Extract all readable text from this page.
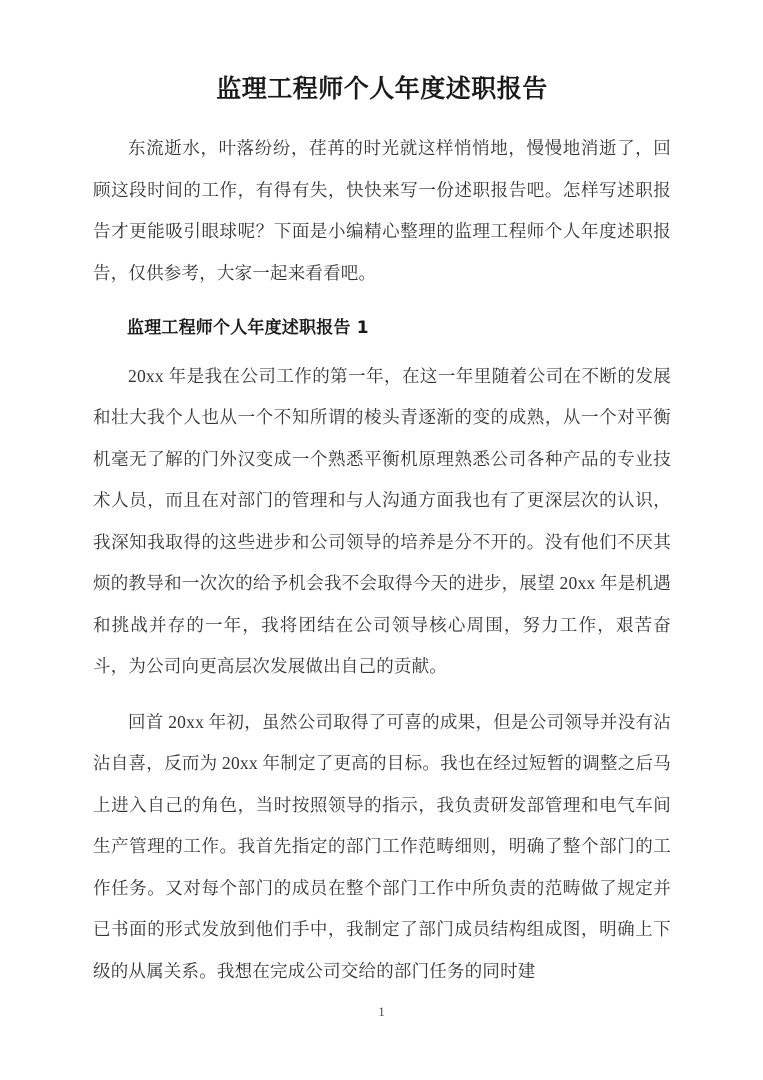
监理工程师个人年度述职报告

东流逝水，叶落纷纷，荏苒的时光就这样悄悄地，慢慢地消逝了，回顾这段时间的工作，有得有失，快快来写一份述职报告吧。怎样写述职报告才更能吸引眼球呢？下面是小编精心整理的监理工程师个人年度述职报告，仅供参考，大家一起来看看吧。

监理工程师个人年度述职报告 1

20xx 年是我在公司工作的第一年，在这一年里随着公司在不断的发展和壮大我个人也从一个不知所谓的棱头青逐渐的变的成熟，从一个对平衡机毫无了解的门外汉变成一个熟悉平衡机原理熟悉公司各种产品的专业技术人员，而且在对部门的管理和与人沟通方面我也有了更深层次的认识，我深知我取得的这些进步和公司领导的培养是分不开的。没有他们不厌其烦的教导和一次次的给予机会我不会取得今天的进步，展望 20xx 年是机遇和挑战并存的一年，我将团结在公司领导核心周围，努力工作，艰苦奋斗，为公司向更高层次发展做出自己的贡献。

回首 20xx 年初，虽然公司取得了可喜的成果，但是公司领导并没有沾沾自喜，反而为 20xx 年制定了更高的目标。我也在经过短暂的调整之后马上进入自己的角色，当时按照领导的指示，我负责研发部管理和电气车间生产管理的工作。我首先指定的部门工作范畴细则，明确了整个部门的工作任务。又对每个部门的成员在整个部门工作中所负责的范畴做了规定并已书面的形式发放到他们手中，我制定了部门成员结构组成图，明确上下级的从属关系。我想在完成公司交给的部门任务的同时建

1
